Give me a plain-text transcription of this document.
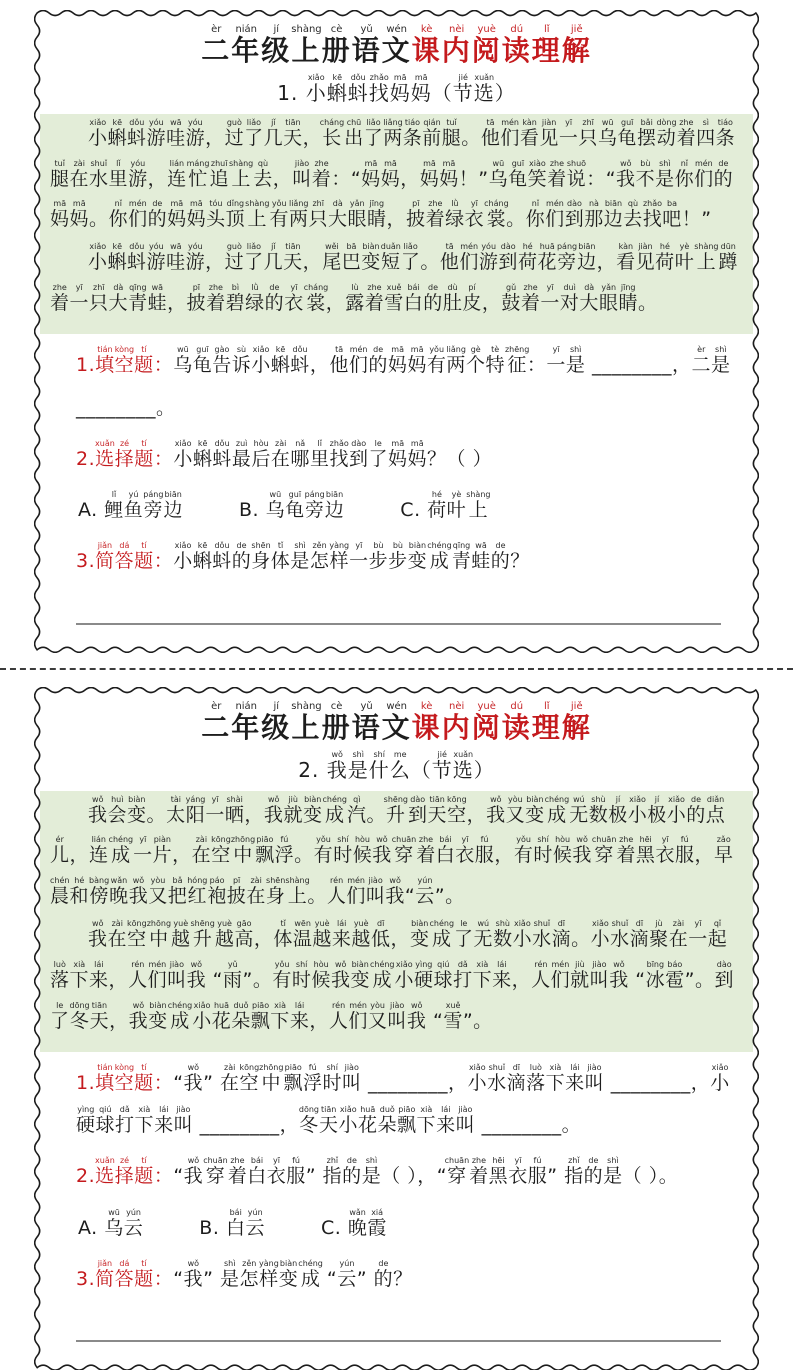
二èr年nián级jí上shàng册cè语yǔ文wén课kè内nèi阅yuè读dú理lǐ解jiě
1. 小xiǎo蝌kē蚪dǒu找zhǎo妈mā妈mā（节jié选xuǎn）

小xiǎo蝌kē蚪dǒu游yóu哇wā游yóu，过guò了liǎo几jǐ天tiān，长cháng出chū了liǎo两liǎng条tiáo前qián腿tuǐ。他tā们mén看kàn见jiàn一yī只zhī乌wū龟guī摆bǎi动dòng着zhe四sì条tiáo腿tuǐ在zài水shuǐ里lǐ游yóu，连lián忙máng追zhuī上shàng去qù，叫jiào着zhe：“妈mā妈mā，妈mā妈mā！”乌wū龟guī笑xiào着zhe说shuō：“我wǒ不bù是shì你nǐ们mén的de妈mā妈mā。你nǐ们mén的de妈mā妈mā头tóu顶dǐng上shàng有yǒu两liǎng只zhī大dà眼yǎn睛jīng，披pī着zhe绿lǜ衣yī裳cháng。你nǐ们mén到dào那nà边biān去qù找zhǎo吧ba！”

小xiǎo蝌kē蚪dǒu游yóu哇wā游yóu，过guò了liǎo几jǐ天tiān，尾wěi巴bā变biàn短duǎn了liǎo。他tā们mén游yóu到dào荷hé花huā旁páng边biān，看kàn见jiàn荷hé叶yè上shàng蹲dūn着zhe一yī只zhī大dà青qīng蛙wā，披pī着zhe碧bì绿lǜ的de衣yī裳cháng，露lù着zhe雪xuě白bái的de肚dù皮pí，鼓gǔ着zhe一yī对duì大dà眼yǎn睛jīng。

1.填tián空kòng题tí：乌wū龟guī告gào诉sù小xiǎo蝌kē蚪dǒu，他tā们mén的de妈mā妈mā有yǒu两liǎng个gè特tè征zhēng：一yī是shì ________，二èr是shì ________。
2.选xuǎn择zé题tí：小xiǎo蝌kē蚪dǒu最zuì后hòu在zài哪nǎ里lǐ找zhǎo到dào了le妈mā妈mā？（ ）
A. 鲤lǐ鱼yú旁páng边biānB. 乌wū龟guī旁páng边biānC. 荷hé叶yè上shàng
3.简jiǎn答dá题tí：小xiǎo蝌kē蚪dǒu的de身shēn体tǐ是shì怎zěn样yàng一yī步bù步bù变biàn成chéng青qīng蛙wā的de？
二èr年nián级jí上shàng册cè语yǔ文wén课kè内nèi阅yuè读dú理lǐ解jiě
2. 我wǒ是shì什shí么me（节jié选xuǎn）

我wǒ会huì变biàn。太tài阳yáng一yī晒shài，我wǒ就jiù变biàn成chéng汽qì。升shēng到dào天tiān空kōng，我wǒ又yòu变biàn成chéng无wú数shù极jí小xiǎo极jí小xiǎo的de点diǎn儿ér，连lián成chéng一yī片piàn，在zài空kōng中zhōng飘piāo浮fú。有yǒu时shí候hòu我wǒ穿chuān着zhe白bái衣yī服fú，有yǒu时shí候hòu我wǒ穿chuān着zhe黑hēi衣yī服fú，早zǎo晨chén和hé傍bàng晚wǎn我wǒ又yòu把bǎ红hóng袍páo披pī在zài身shēn上shàng。人rén们mén叫jiào我wǒ“云yún”。

我wǒ在zài空kōng中zhōng越yuè升shēng越yuè高gāo，体tǐ温wēn越yuè来lái越yuè低dī，变biàn成chéng了le无wú数shù小xiǎo水shuǐ滴dī。小xiǎo水shuǐ滴dī聚jù在zài一yī起qǐ落luò下xià来lái，人rén们mén叫jiào我wǒ “雨yǔ”。有yǒu时shí候hòu我wǒ变biàn成chéng小xiǎo硬yìng球qiú打dǎ下xià来lái，人rén们mén就jiù叫jiào我wǒ “冰bīng雹báo”。到dào了le冬dōng天tiān，我wǒ变biàn成chéng小xiǎo花huā朵duǒ飘piāo下xià来lái，人rén们mén又yòu叫jiào我wǒ “雪xuě”。

1.填tián空kòng题tí：“我wǒ” 在zài空kōng中zhōng飘piāo浮fú时shí叫jiào ________，小xiǎo水shuǐ滴dī落luò下xià来lái叫jiào ________，小xiǎo硬yìng球qiú打dǎ下xià来lái叫jiào ________，冬dōng天tiān小xiǎo花huā朵duǒ飘piāo下xià来lái叫jiào ________。
2.选xuǎn择zé题tí：“我wǒ穿chuān着zhe白bái衣yī服fú” 指zhǐ的de是shì（ ），“穿chuān着zhe黑hēi衣yī服fú” 指zhǐ的de是shì（ ）。
A. 乌wū云yúnB. 白bái云yúnC. 晚wǎn霞xiá
3.简jiǎn答dá题tí：“我wǒ” 是shì怎zěn样yàng变biàn成chéng “云yún” 的de？
